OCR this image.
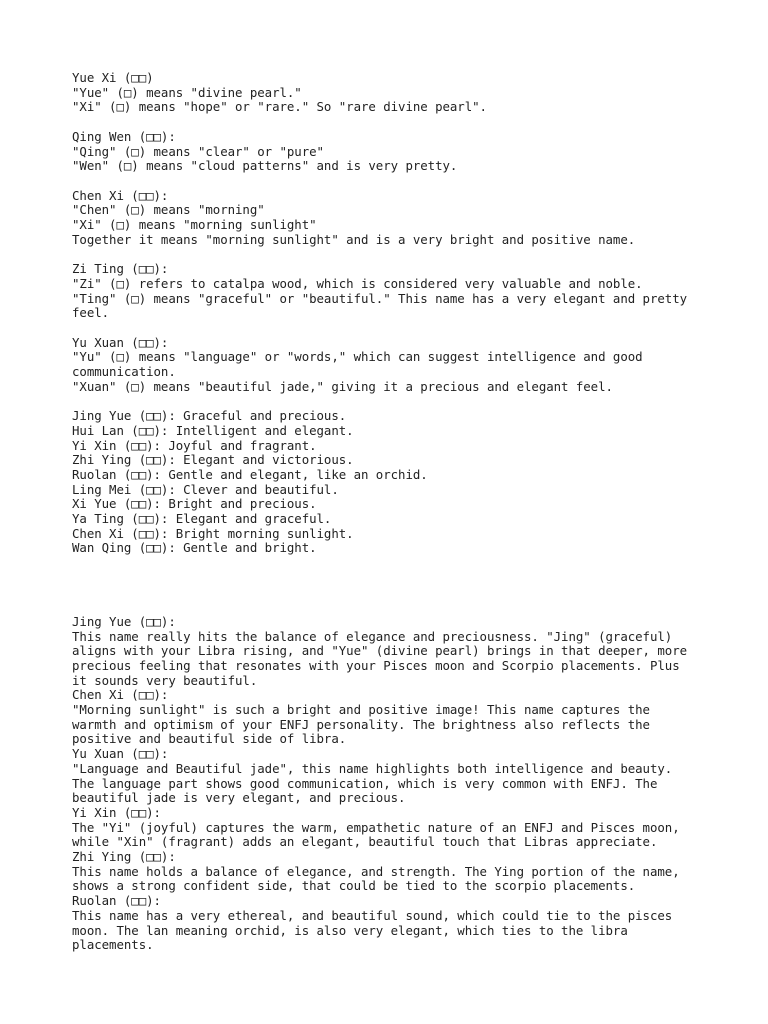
Yue Xi (□□)
"Yue" (□) means "divine pearl."
"Xi" (□) means "hope" or "rare." So "rare divine pearl".
Qing Wen (□□):
"Qing" (□) means "clear" or "pure"
"Wen" (□) means "cloud patterns" and is very pretty.
Chen Xi (□□):
"Chen" (□) means "morning"
"Xi" (□) means "morning sunlight"
Together it means "morning sunlight" and is a very bright and positive name.
Zi Ting (□□):
"Zi" (□) refers to catalpa wood, which is considered very valuable and noble.
"Ting" (□) means "graceful" or "beautiful." This name has a very elegant and pretty
feel.
Yu Xuan (□□):
"Yu" (□) means "language" or "words," which can suggest intelligence and good
communication.
"Xuan" (□) means "beautiful jade," giving it a precious and elegant feel.
Jing Yue (□□): Graceful and precious.
Hui Lan (□□): Intelligent and elegant.
Yi Xin (□□): Joyful and fragrant.
Zhi Ying (□□): Elegant and victorious.
Ruolan (□□): Gentle and elegant, like an orchid.
Ling Mei (□□): Clever and beautiful.
Xi Yue (□□): Bright and precious.
Ya Ting (□□): Elegant and graceful.
Chen Xi (□□): Bright morning sunlight.
Wan Qing (□□): Gentle and bright.
Jing Yue (□□):
This name really hits the balance of elegance and preciousness. "Jing" (graceful)
aligns with your Libra rising, and "Yue" (divine pearl) brings in that deeper, more
precious feeling that resonates with your Pisces moon and Scorpio placements. Plus
it sounds very beautiful.
Chen Xi (□□):
"Morning sunlight" is such a bright and positive image! This name captures the
warmth and optimism of your ENFJ personality. The brightness also reflects the
positive and beautiful side of libra.
Yu Xuan (□□):
"Language and Beautiful jade", this name highlights both intelligence and beauty.
The language part shows good communication, which is very common with ENFJ. The
beautiful jade is very elegant, and precious.
Yi Xin (□□):
The "Yi" (joyful) captures the warm, empathetic nature of an ENFJ and Pisces moon,
while "Xin" (fragrant) adds an elegant, beautiful touch that Libras appreciate.
Zhi Ying (□□):
This name holds a balance of elegance, and strength. The Ying portion of the name,
shows a strong confident side, that could be tied to the scorpio placements.
Ruolan (□□):
This name has a very ethereal, and beautiful sound, which could tie to the pisces
moon. The lan meaning orchid, is also very elegant, which ties to the libra
placements.
